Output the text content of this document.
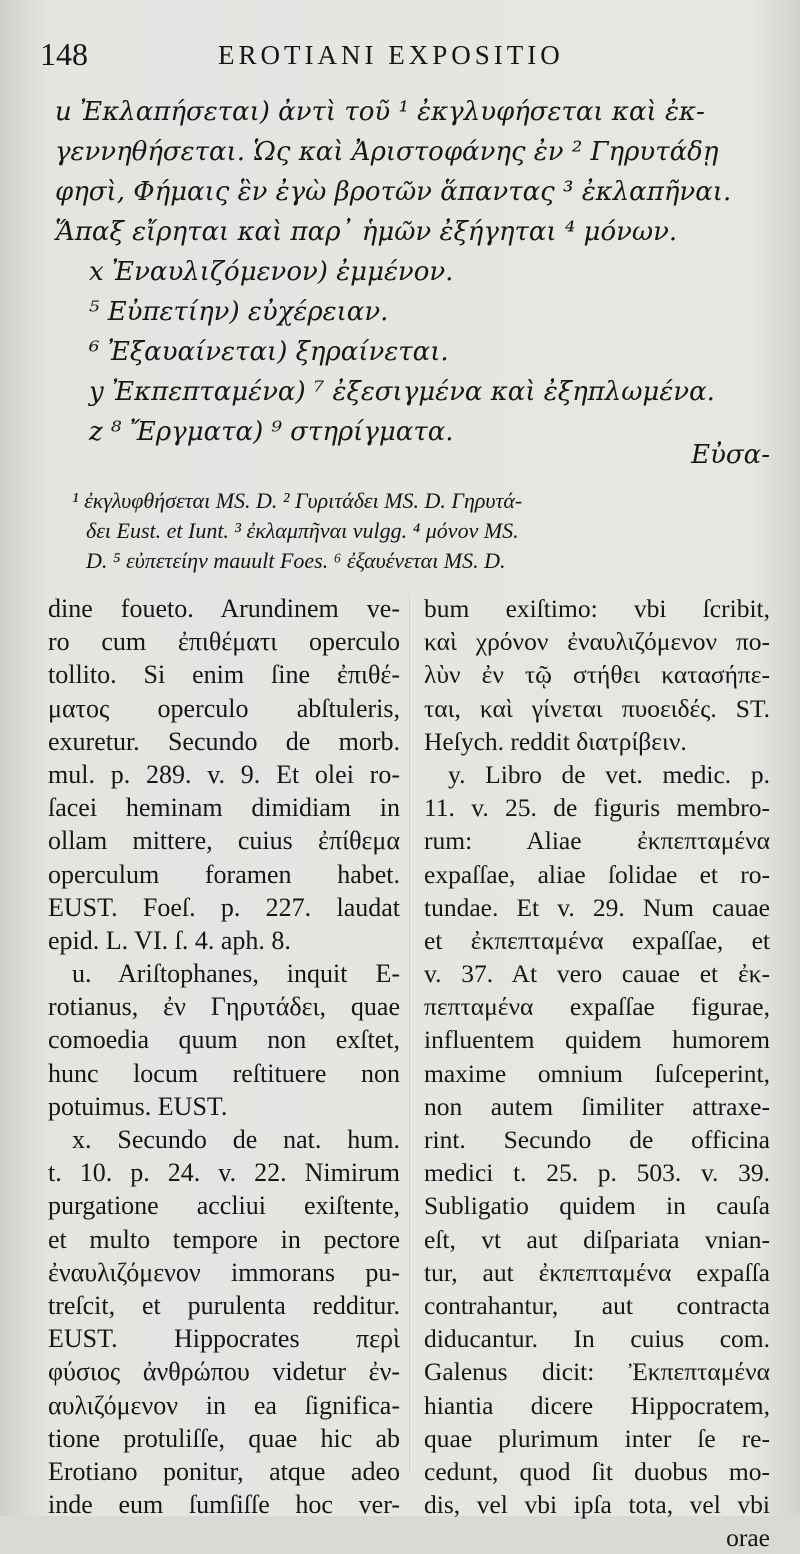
148	EROTIANI EXPOSITIO
u Ἐκλαπήσεται) ἀντὶ τοῦ ¹ ἐκγλυφήσεται καὶ ἐκ-
γεννηθήσεται. Ὡς καὶ Ἀριστοφάνης ἐν ² Γηρυτάδῃ
φησὶ, Φήμαις ἓν ἐγὼ βροτῶν ἅπαντας ³ ἐκλαπῆναι.
Ἅπαξ εἴρηται καὶ παρ᾽ ἡμῶν ἐξήγηται ⁴ μόνων.
x Ἐναυλιζόμενον) ἐμμένον.
⁵ Εὐπετίην) εὐχέρειαν.
⁶ Ἐξαυαίνεται) ξηραίνεται.
y Ἐκπεπταμένα) ⁷ ἐξεσιγμένα καὶ ἐξηπλωμένα.
z ⁸ Ἔργματα) ⁹ στηρίγματα.
Εὐσα-
¹ ἐκγλυφθήσεται MS. D. ² Γυριτάδει MS. D. Γηρυτά-
δει Eust. et Iunt. ³ ἐκλαμπῆναι vulgg. ⁴ μόνον MS.
D. ⁵ εὐπετείην mauult Foes. ⁶ ἐξαυένεται MS. D.
dine foueto. Arundinem ve-
ro cum ἐπιθέματι operculo
tollito. Si enim ſine ἐπιθέ-
ματος operculo abſtuleris,
exuretur. Secundo de morb.
mul. p. 289. v. 9. Et olei ro-
ſacei heminam dimidiam in
ollam mittere, cuius ἐπίθεμα
operculum foramen habet.
EUST. Foeſ. p. 227. laudat
epid. L. VI. ſ. 4. aph. 8.
u. Ariſtophanes, inquit E-
rotianus, ἐν Γηρυτάδει, quae
comoedia quum non exſtet,
hunc locum reſtituere non
potuimus. EUST.
x. Secundo de nat. hum.
t. 10. p. 24. v. 22. Nimirum
purgatione accliui exiſtente,
et multo tempore in pectore
ἐναυλιζόμενον immorans pu-
treſcit, et purulenta redditur.
EUST. Hippocrates περὶ
φύσιος ἀνθρώπου videtur ἐν-
αυλιζόμενον in ea ſignifica-
tione protuliſſe, quae hic ab
Erotiano ponitur, atque adeo
inde eum ſumſiſſe hoc ver-
bum exiſtimo: vbi ſcribit,
καὶ χρόνον ἐναυλιζόμενον πο-
λὺν ἐν τῷ στήθει κατασήπε-
ται, καὶ γίνεται πυοειδές. ST.
Heſych. reddit διατρίβειν.
y. Libro de vet. medic. p.
11. v. 25. de figuris membro-
rum: Aliae ἐκπεπταμένα
expaſſae, aliae ſolidae et ro-
tundae. Et v. 29. Num cauae
et ἐκπεπταμένα expaſſae, et
v. 37. At vero cauae et ἐκ-
πεπταμένα expaſſae figurae,
influentem quidem humorem
maxime omnium ſuſceperint,
non autem ſimiliter attraxe-
rint. Secundo de officina
medici t. 25. p. 503. v. 39.
Subligatio quidem in cauſa
eſt, vt aut diſpariata vnian-
tur, aut ἐκπεπταμένα expaſſa
contrahantur, aut contracta
diducantur. In cuius com.
Galenus dicit: Ἐκπεπταμένα
hiantia dicere Hippocratem,
quae plurimum inter ſe re-
cedunt, quod ſit duobus mo-
dis, vel vbi ipſa tota, vel vbi
orae
